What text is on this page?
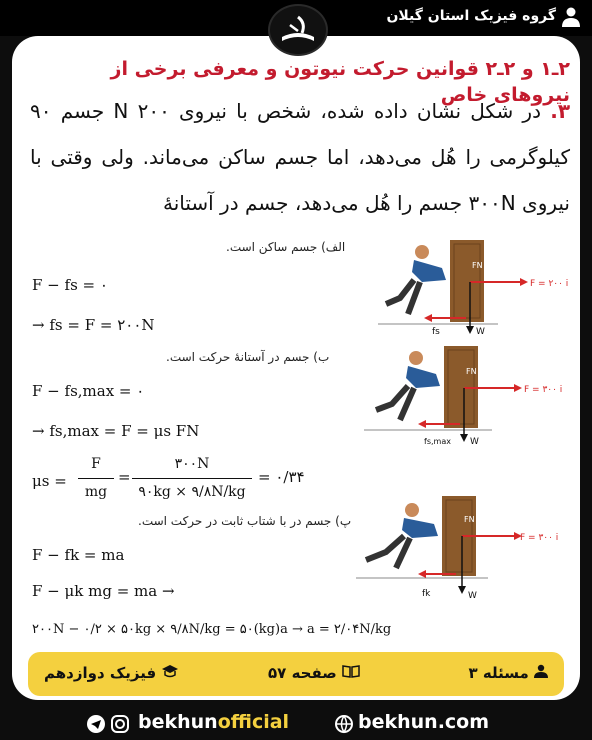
گروه فیزیک استان گیلان
۲ـ۱ و ۲ـ۲ قوانین حرکت نیوتون و معرفی برخی از نیروهای خاص
۳. در شکل نشان داده شده، شخص با نیروی N ۲۰۰ جسم ۹۰ کیلوگرمی را هُل می‌دهد، اما جسم ساکن می‌ماند. ولی وقتی با نیروی ۳۰۰N جسم را هُل می‌دهد، جسم در آستانهٔ
الف) جسم ساکن است.
F − fs = ۰
→ fs = F = ۲۰۰N
F = ۲۰۰ i
fs	W
FN
ب) جسم در آستانهٔ حرکت است.
F − fs,max = ۰
→ fs,max = F = μs FN
μs =
F
mg
=
۳۰۰N
۹۰kg × ۹/۸N/kg
= ۰/۳۴
F = ۳۰۰ i
fs,max W
FN
پ) جسم در با شتاب ثابت در حرکت است.
F − fk = ma
F − μk mg = ma →
F = ۳۰۰ i
fk	W
FN
۲۰۰N − ۰/۲ × ۵۰kg × ۹/۸N/kg = ۵۰(kg)a → a = ۲/۰۴N/kg
مسئله ۳
صفحه ۵۷
فیزیک دوازدهم
bekhunofficial	bekhun.com
